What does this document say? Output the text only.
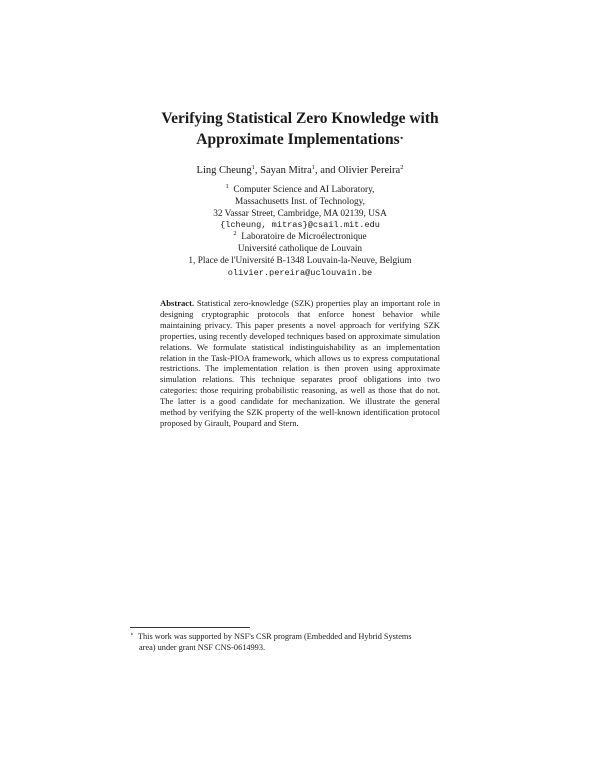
Verifying Statistical Zero Knowledge with
Approximate Implementations⋆
Ling Cheung$^1$, Sayan Mitra$^1$, and Olivier Pereira$^2$
$^1$ Computer Science and AI Laboratory,
Massachusetts Inst. of Technology,
32 Vassar Street, Cambridge, MA 02139, USA
{lcheung, mitras}@csail.mit.edu
$^2$ Laboratoire de Microélectronique
Université catholique de Louvain
1, Place de l'Université B-1348 Louvain-la-Neuve, Belgium
olivier.pereira@uclouvain.be
Abstract. Statistical zero-knowledge (SZK) properties play an important role in designing cryptographic protocols that enforce honest behavior while maintaining privacy. This paper presents a novel approach for verifying SZK properties, using recently developed techniques based on approximate simulation relations. We formulate statistical indistinguishability as an implementation relation in the Task-PIOA framework, which allows us to express computational restrictions. The implementation relation is then proven using approximate simulation relations. This technique separates proof obligations into two categories: those requiring probabilistic reasoning, as well as those that do not. The latter is a good candidate for mechanization. We illustrate the general method by verifying the SZK property of the well-known identification protocol proposed by Girault, Poupard and Stern.
⋆ This work was supported by NSF's CSR program (Embedded and Hybrid Systems
area) under grant NSF CNS-0614993.
